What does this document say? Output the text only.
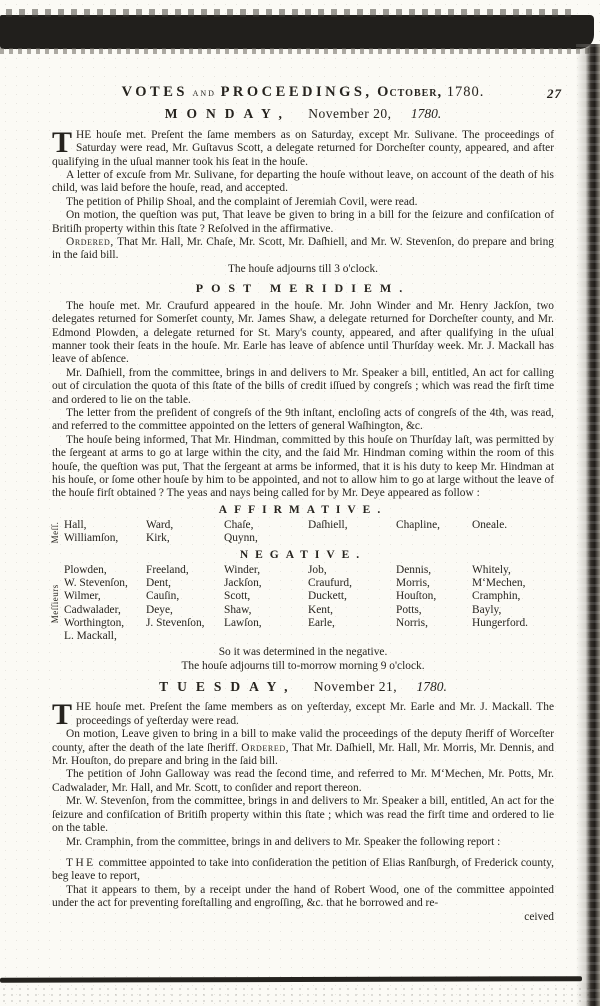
VOTES and PROCEEDINGS, October, 1780.	27
MONDAY, November 20, 1780.

THE houſe met. Preſent the ſame members as on Saturday, except Mr. Sulivane. The proceedings of Saturday were read, Mr. Guſtavus Scott, a delegate returned for Dorcheſter county, appeared, and after qualifying in the uſual manner took his ſeat in the houſe.

A letter of excuſe from Mr. Sulivane, for departing the houſe without leave, on account of the death of his child, was laid before the houſe, read, and accepted.

The petition of Philip Shoal, and the complaint of Jeremiah Covil, were read.

On motion, the queſtion was put, That leave be given to bring in a bill for the ſeizure and confiſcation of Britiſh property within this ſtate ? Reſolved in the affirmative.

Ordered, That Mr. Hall, Mr. Chaſe, Mr. Scott, Mr. Daſhiell, and Mr. W. Stevenſon, do prepare and bring in the ſaid bill.

The houſe adjourns till 3 o'clock.

POST MERIDIEM.

The houſe met. Mr. Craufurd appeared in the houſe. Mr. John Winder and Mr. Henry Jackſon, two delegates returned for Somerſet county, Mr. James Shaw, a delegate returned for Dorcheſter county, and Mr. Edmond Plowden, a delegate returned for St. Mary's county, appeared, and after qualifying in the uſual manner took their ſeats in the houſe. Mr. Earle has leave of abſence until Thurſday week. Mr. J. Mackall has leave of abſence.

Mr. Daſhiell, from the committee, brings in and delivers to Mr. Speaker a bill, entitled, An act for calling out of circulation the quota of this ſtate of the bills of credit iſſued by congreſs ; which was read the firſt time and ordered to lie on the table.

The letter from the preſident of congreſs of the 9th inſtant, encloſing acts of congreſs of the 4th, was read, and referred to the committee appointed on the letters of general Waſhington, &c.

The houſe being informed, That Mr. Hindman, committed by this houſe on Thurſday laſt, was permitted by the ſergeant at arms to go at large within the city, and the ſaid Mr. Hindman coming within the room of this houſe, the queſtion was put, That the ſergeant at arms be informed, that it is his duty to keep Mr. Hindman at his houſe, or ſome other houſe by him to be appointed, and not to allow him to go at large without the leave of the houſe firſt obtained ? The yeas and nays being called for by Mr. Deye appeared as follow :

AFFIRMATIVE.
Meſſ. Hall,	Ward,	Chaſe,	Daſhiell,	Chapline,	Oneale.
Williamſon,	Kirk,	Quynn,
NEGATIVE.
Meſſieurs
Plowden,	Freeland,	Winder,	Job,	Dennis,	Whitely,
W. Stevenſon,	Dent,	Jackſon,	Craufurd,	Morris,	M‘Mechen,
Wilmer,	Cauſin,	Scott,	Duckett,	Houſton,	Cramphin,
Cadwalader,	Deye,	Shaw,	Kent,	Potts,	Bayly,
Worthington,	J. Stevenſon,	Lawſon,	Earle,	Norris,	Hungerford.
L. Mackall,

So it was determined in the negative.

The houſe adjourns till to-morrow morning 9 o'clock.

TUESDAY, November 21, 1780.

THE houſe met. Preſent the ſame members as on yeſterday, except Mr. Earle and Mr. J. Mackall. The proceedings of yeſterday were read.

On motion, Leave given to bring in a bill to make valid the proceedings of the deputy ſheriff of Worceſter county, after the death of the late ſheriff. Ordered, That Mr. Daſhiell, Mr. Hall, Mr. Morris, Mr. Dennis, and Mr. Houſton, do prepare and bring in the ſaid bill.

The petition of John Galloway was read the ſecond time, and referred to Mr. M‘Mechen, Mr. Potts, Mr. Cadwalader, Mr. Hall, and Mr. Scott, to conſider and report thereon.

Mr. W. Stevenſon, from the committee, brings in and delivers to Mr. Speaker a bill, entitled, An act for the ſeizure and confiſcation of Britiſh property within this ſtate ; which was read the firſt time and ordered to lie on the table.

Mr. Cramphin, from the committee, brings in and delivers to Mr. Speaker the following report :

THE committee appointed to take into conſideration the petition of Elias Ranſburgh, of Frederick county, beg leave to report,

That it appears to them, by a receipt under the hand of Robert Wood, one of the committee appointed under the act for preventing foreſtalling and engroſſing, &c. that he borrowed and re-

ceived
